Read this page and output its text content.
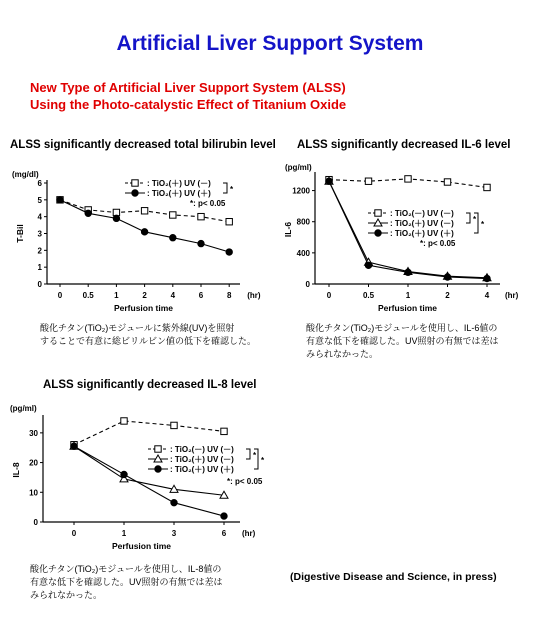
Artificial Liver Support System
New Type of Artificial Liver Support System (ALSS)
Using the Photo-catalystic Effect of Titanium Oxide
ALSS significantly decreased total bilirubin level ALSS significantly decreased IL-6 level
ALSS significantly decreased IL-8 level
0
1
2
3
4
5
6
0	0.5	1	2	4	6	8 (hr)
Perfusion time
T-Bil
(mg/dl)
: TiO₂(＋) UV (－)
: TiO₂(＋) UV (＋) *
*: p< 0.05
0
400
800
1200
0	0.5	1	2	4 (hr)
Perfusion time
IL-6
(pg/ml)
: TiO₂(－) UV (－)
: TiO₂(＋) UV (－)
: TiO₂(＋) UV (＋)
*
*
*: p< 0.05
0
10
20
30
0	1	3	6 (hr)
Perfusion time
IL-8
(pg/ml)
: TiO₂(－) UV (－)
: TiO₂(＋) UV (－)
: TiO₂(＋) UV (＋)
*
*
*: p< 0.05
酸化チタン(TiO₂)モジュールに紫外線(UV)を照射
することで有意に総ビリルビン値の低下を確認した。
酸化チタン(TiO₂)モジュールを使用し、IL-6値の
有意な低下を確認した。UV照射の有無では差は
みられなかった。
酸化チタン(TiO₂)モジュールを使用し、IL-8値の
有意な低下を確認した。UV照射の有無では差は
みられなかった。
(Digestive Disease and Science, in press)
